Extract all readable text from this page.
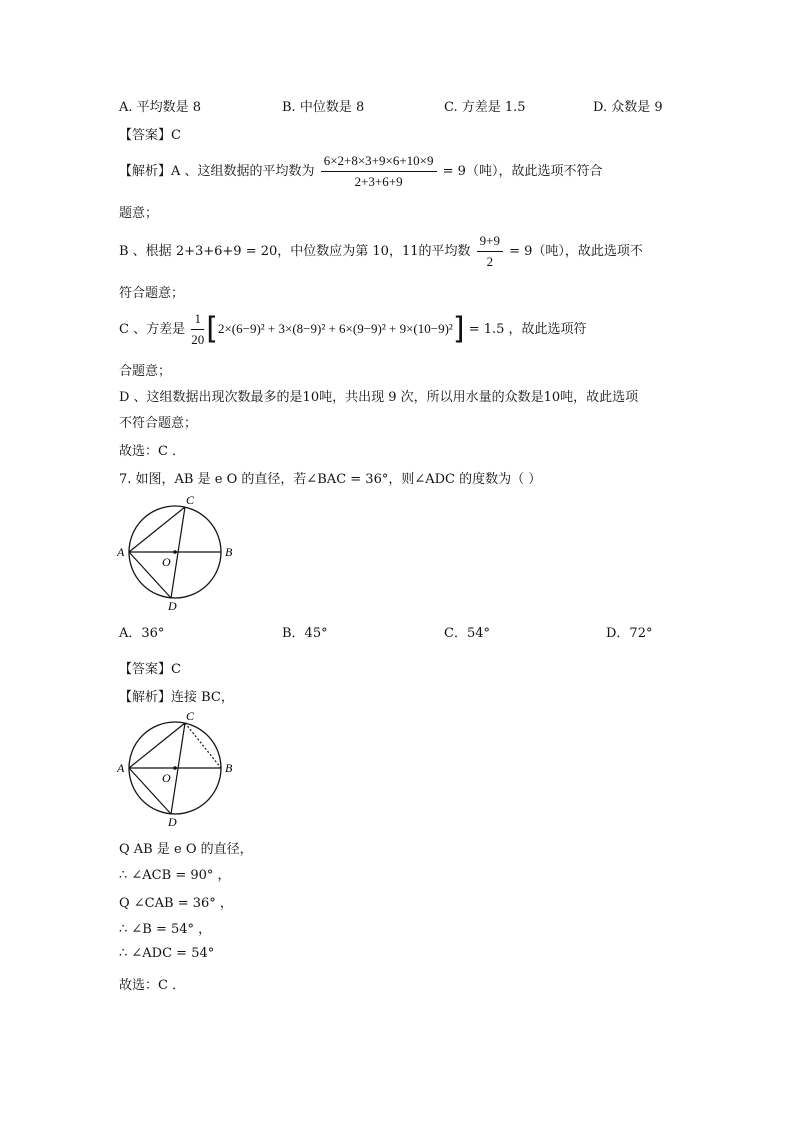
A. 平均数是 8	B. 中位数是 8	C. 方差是 1.5	D. 众数是 9
【答案】C
【解析】A 、这组数据的平均数为 $\frac{6\times 2+8\times 3+9\times 6+10\times 9}{2+3+6+9} = 9$（吨），故此选项不符合
题意；
B 、根据 2+3+6+9 = 20，中位数应为第 10，11的平均数 $\frac{9+9}{2} = 9$（吨），故此选项不
符合题意；
C 、方差是 $\frac{1}{20} [2\times(6-9)^2 + 3\times(8-9)^2 + 6\times(9-9)^2 + 9\times(10-9)^2] = 1.5$ ，故此选项符
合题意；
D 、这组数据出现次数最多的是10吨，共出现 9 次，所以用水量的众数是10吨，故此选项
不符合题意；
故选：C ．
7. 如图，AB 是 e O 的直径，若∠BAC = 36°，则∠ADC 的度数为（ ）
A	B
C
D
O
A．36°	B．45°	C．54°	D．72°
【答案】C
【解析】连接 BC，
A	B
C
D
O
Q AB 是 e O 的直径，
∴ ∠ACB = 90° ，
Q ∠CAB = 36° ，
∴ ∠B = 54° ，
∴ ∠ADC = 54°
故选：C ．
